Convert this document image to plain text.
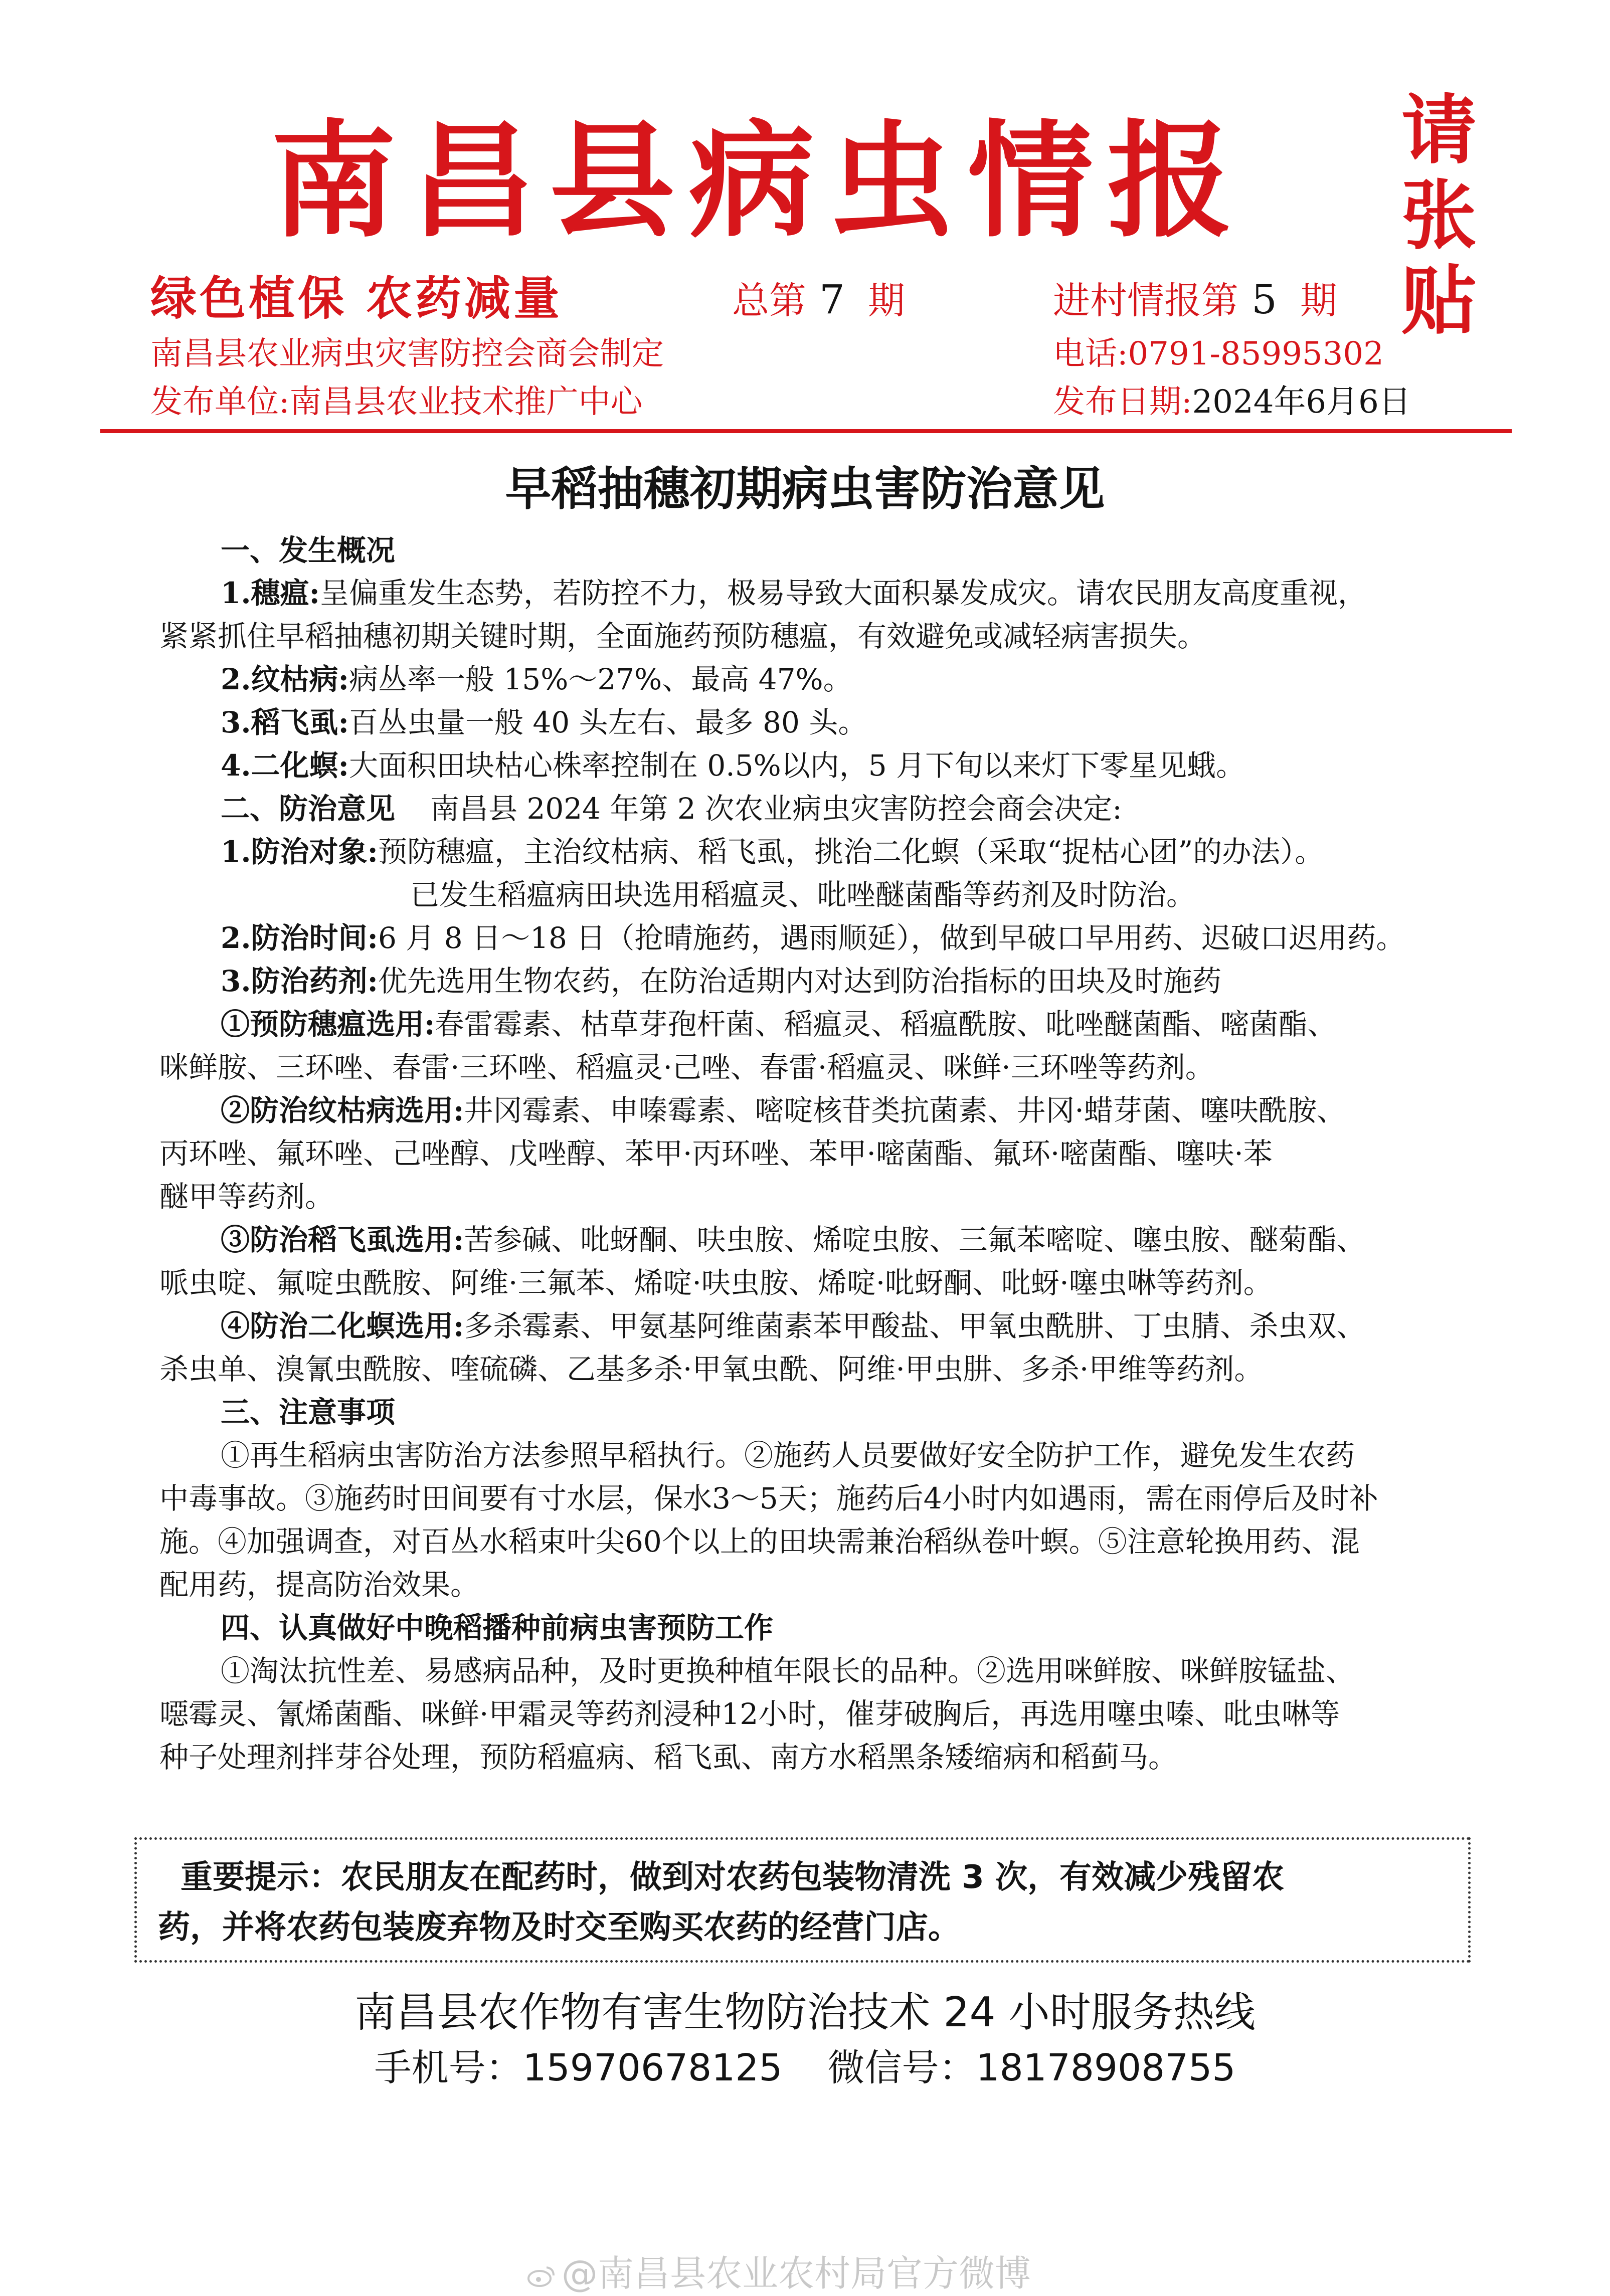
南昌县病虫情报	请
张
贴
绿色植保 农药减量	总第 7 期	进村情报第 5 期
南昌县农业病虫灾害防控会商会制定	电话:0791-85995302
发布单位:南昌县农业技术推广中心	发布日期:2024年6月6日
早稻抽穗初期病虫害防治意见
一、发生概况
1.穗瘟:呈偏重发生态势，若防控不力，极易导致大面积暴发成灾。请农民朋友高度重视，
紧紧抓住早稻抽穗初期关键时期，全面施药预防穗瘟，有效避免或减轻病害损失。
2.纹枯病:病丛率一般 15%～27%、最高 47%。
3.稻飞虱:百丛虫量一般 40 头左右、最多 80 头。
4.二化螟:大面积田块枯心株率控制在 0.5%以内，5 月下旬以来灯下零星见蛾。
二、防治意见 南昌县 2024 年第 2 次农业病虫灾害防控会商会决定:
1.防治对象:预防穗瘟，主治纹枯病、稻飞虱，挑治二化螟（采取“捉枯心团”的办法）。
已发生稻瘟病田块选用稻瘟灵、吡唑醚菌酯等药剂及时防治。
2.防治时间:6 月 8 日～18 日（抢晴施药，遇雨顺延），做到早破口早用药、迟破口迟用药。
3.防治药剂:优先选用生物农药，在防治适期内对达到防治指标的田块及时施药
①预防穗瘟选用:春雷霉素、枯草芽孢杆菌、稻瘟灵、稻瘟酰胺、吡唑醚菌酯、嘧菌酯、
咪鲜胺、三环唑、春雷·三环唑、稻瘟灵·己唑、春雷·稻瘟灵、咪鲜·三环唑等药剂。
②防治纹枯病选用:井冈霉素、申嗪霉素、嘧啶核苷类抗菌素、井冈·蜡芽菌、噻呋酰胺、
丙环唑、氟环唑、己唑醇、戊唑醇、苯甲·丙环唑、苯甲·嘧菌酯、氟环·嘧菌酯、噻呋·苯
醚甲等药剂。
③防治稻飞虱选用:苦参碱、吡蚜酮、呋虫胺、烯啶虫胺、三氟苯嘧啶、噻虫胺、醚菊酯、
哌虫啶、氟啶虫酰胺、阿维·三氟苯、烯啶·呋虫胺、烯啶·吡蚜酮、吡蚜·噻虫啉等药剂。
④防治二化螟选用:多杀霉素、甲氨基阿维菌素苯甲酸盐、甲氧虫酰肼、丁虫腈、杀虫双、
杀虫单、溴氰虫酰胺、喹硫磷、乙基多杀·甲氧虫酰、阿维·甲虫肼、多杀·甲维等药剂。
三、注意事项
①再生稻病虫害防治方法参照早稻执行。②施药人员要做好安全防护工作，避免发生农药
中毒事故。③施药时田间要有寸水层，保水3～5天；施药后4小时内如遇雨，需在雨停后及时补
施。④加强调查，对百丛水稻束叶尖60个以上的田块需兼治稻纵卷叶螟。⑤注意轮换用药、混
配用药，提高防治效果。
四、认真做好中晚稻播种前病虫害预防工作
①淘汰抗性差、易感病品种，及时更换种植年限长的品种。②选用咪鲜胺、咪鲜胺锰盐、
噁霉灵、氰烯菌酯、咪鲜·甲霜灵等药剂浸种12小时，催芽破胸后，再选用噻虫嗪、吡虫啉等
种子处理剂拌芽谷处理，预防稻瘟病、稻飞虱、南方水稻黑条矮缩病和稻蓟马。
重要提示：农民朋友在配药时，做到对农药包装物清洗 3 次，有效减少残留农
药，并将农药包装废弃物及时交至购买农药的经营门店。
南昌县农作物有害生物防治技术 24 小时服务热线
手机号：15970678125 微信号：18178908755
@南昌县农业农村局官方微博
